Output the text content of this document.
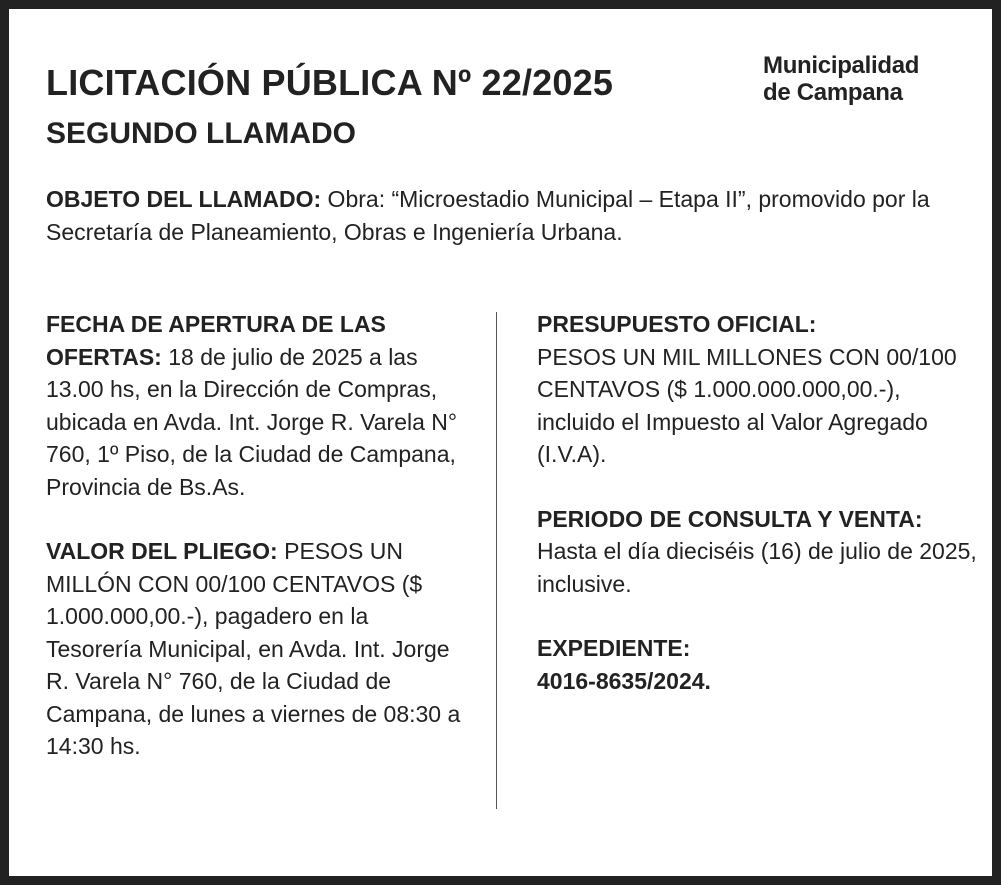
LICITACIÓN PÚBLICA Nº 22/2025
SEGUNDO LLAMADO
Municipalidad
de Campana

OBJETO DEL LLAMADO: Obra: “Microestadio Municipal – Etapa II”, promovido por la Secretaría de Planeamiento, Obras e Ingeniería Urbana.

FECHA DE APERTURA DE LAS OFERTAS: 18 de julio de 2025 a las 13.00 hs, en la Dirección de Compras, ubicada en Avda. Int. Jorge R. Varela N° 760, 1º Piso, de la Ciudad de Campana, Provincia de Bs.As.

VALOR DEL PLIEGO: PESOS UN MILLÓN CON 00/100 CENTAVOS ($ 1.000.000,00.-), pagadero en la Tesorería Municipal, en Avda. Int. Jorge R. Varela N° 760, de la Ciudad de Campana, de lunes a viernes de 08:30 a 14:30 hs.

PRESUPUESTO OFICIAL:
PESOS UN MIL MILLONES CON 00/100 CENTAVOS ($ 1.000.000.000,00.-), incluido el Impuesto al Valor Agregado (I.V.A).

PERIODO DE CONSULTA Y VENTA: Hasta el día dieciséis (16) de julio de 2025, inclusive.

EXPEDIENTE:
4016-8635/2024.
